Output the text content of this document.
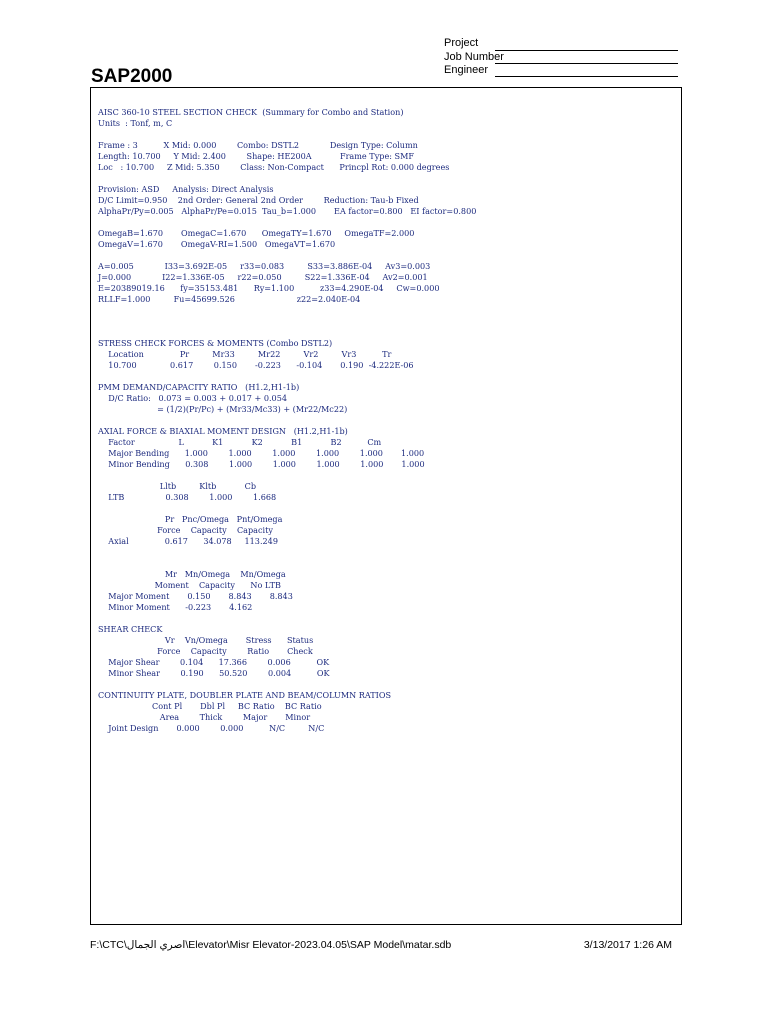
SAP2000
Project
Job Number
Engineer
AISC 360-10 STEEL SECTION CHECK  (Summary for Combo and Station)
Units  : Tonf, m, C
Frame : 3          X Mid: 0.000        Combo: DSTL2            Design Type: Column
Length: 10.700     Y Mid: 2.400        Shape: HE200A           Frame Type: SMF
Loc   : 10.700     Z Mid: 5.350        Class: Non-Compact      Princpl Rot: 0.000 degrees
Provision: ASD     Analysis: Direct Analysis
D/C Limit=0.950    2nd Order: General 2nd Order        Reduction: Tau-b Fixed
AlphaPr/Py=0.005   AlphaPr/Pe=0.015  Tau_b=1.000       EA factor=0.800   EI factor=0.800
OmegaB=1.670       OmegaC=1.670      OmegaTY=1.670     OmegaTF=2.000
OmegaV=1.670       OmegaV-RI=1.500   OmegaVT=1.670
A=0.005            I33=3.692E-05     r33=0.083         S33=3.886E-04     Av3=0.003
J=0.000            I22=1.336E-05     r22=0.050         S22=1.336E-04     Av2=0.001
E=20389019.16      fy=35153.481      Ry=1.100          z33=4.290E-04     Cw=0.000
RLLF=1.000         Fu=45699.526                        z22=2.040E-04
STRESS CHECK FORCES & MOMENTS (Combo DSTL2)
Location              Pr         Mr33         Mr22         Vr2         Vr3          Tr
10.700             0.617        0.150       -0.223      -0.104       0.190  -4.222E-06
PMM DEMAND/CAPACITY RATIO   (H1.2,H1-1b)
D/C Ratio:   0.073 = 0.003 + 0.017 + 0.054
= (1/2)(Pr/Pc) + (Mr33/Mc33) + (Mr22/Mc22)
AXIAL FORCE & BIAXIAL MOMENT DESIGN   (H1.2,H1-1b)
Factor                 L           K1           K2           B1           B2          Cm
Major Bending      1.000        1.000        1.000        1.000        1.000       1.000
Minor Bending      0.308        1.000        1.000        1.000        1.000       1.000
Lltb         Kltb           Cb
LTB                0.308        1.000        1.668
Pr   Pnc/Omega   Pnt/Omega
Force    Capacity    Capacity
Axial              0.617      34.078     113.249
Mr   Mn/Omega    Mn/Omega
Moment    Capacity      No LTB
Major Moment       0.150       8.843       8.843
Minor Moment      -0.223       4.162
SHEAR CHECK
Vr    Vn/Omega       Stress      Status
Force    Capacity        Ratio       Check
Major Shear        0.104      17.366        0.006          OK
Minor Shear        0.190      50.520        0.004          OK
CONTINUITY PLATE, DOUBLER PLATE AND BEAM/COLUMN RATIOS
Cont Pl       Dbl Pl     BC Ratio    BC Ratio
Area        Thick        Major       Minor
Joint Design       0.000        0.000          N/C         N/C
F:\CTC\اصري الجمال\Elevator\Misr Elevator-2023.04.05\SAP Model\matar.sdb	3/13/2017 1:26 AM
